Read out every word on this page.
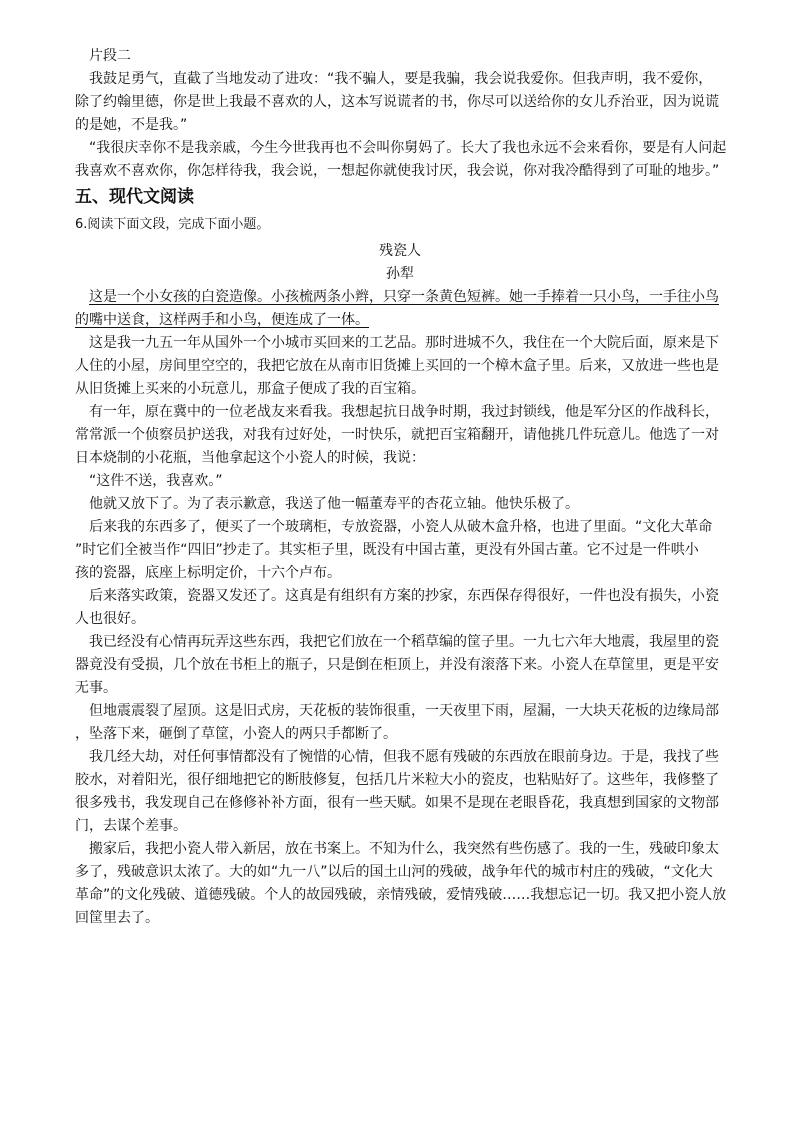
片段二
我鼓足勇气，直截了当地发动了进攻：“我不骗人，要是我骗，我会说我爱你。但我声明，我不爱你，
除了约翰里德，你是世上我最不喜欢的人，这本写说谎者的书，你尽可以送给你的女儿乔治亚，因为说谎
的是她，不是我。”
“我很庆幸你不是我亲戚，今生今世我再也不会叫你舅妈了。长大了我也永远不会来看你，要是有人问起
我喜欢不喜欢你，你怎样待我，我会说，一想起你就使我讨厌，我会说，你对我冷酷得到了可耻的地步。”
五、现代文阅读
6.阅读下面文段，完成下面小题。
残瓷人
孙犁
这是一个小女孩的白瓷造像。小孩梳两条小辫，只穿一条黄色短裤。她一手捧着一只小鸟，一手往小鸟
的嘴中送食，这样两手和小鸟，便连成了一体。
这是我一九五一年从国外一个小城市买回来的工艺品。那时进城不久，我住在一个大院后面，原来是下
人住的小屋，房间里空空的，我把它放在从南市旧货摊上买回的一个樟木盒子里。后来，又放进一些也是
从旧货摊上买来的小玩意儿，那盒子便成了我的百宝箱。
有一年，原在冀中的一位老战友来看我。我想起抗日战争时期，我过封锁线，他是军分区的作战科长，
常常派一个侦察员护送我，对我有过好处，一时快乐，就把百宝箱翻开，请他挑几件玩意儿。他选了一对
日本烧制的小花瓶，当他拿起这个小瓷人的时候，我说：
“这件不送，我喜欢。”
他就又放下了。为了表示歉意，我送了他一幅董寿平的杏花立轴。他快乐极了。
后来我的东西多了，便买了一个玻璃柜，专放瓷器，小瓷人从破木盒升格，也进了里面。“文化大革命
”时它们全被当作“四旧”抄走了。其实柜子里，既没有中国古董，更没有外国古董。它不过是一件哄小
孩的瓷器，底座上标明定价，十六个卢布。
后来落实政策，瓷器又发还了。这真是有组织有方案的抄家，东西保存得很好，一件也没有损失，小瓷
人也很好。
我已经没有心情再玩弄这些东西，我把它们放在一个稻草编的筐子里。一九七六年大地震，我屋里的瓷
器竟没有受损，几个放在书柜上的瓶子，只是倒在柜顶上，并没有滚落下来。小瓷人在草筐里，更是平安
无事。
但地震震裂了屋顶。这是旧式房，天花板的装饰很重，一天夜里下雨，屋漏，一大块天花板的边缘局部
，坠落下来，砸倒了草筐，小瓷人的两只手都断了。
我几经大劫，对任何事情都没有了惋惜的心情，但我不愿有残破的东西放在眼前身边。于是，我找了些
胶水，对着阳光，很仔细地把它的断肢修复，包括几片米粒大小的瓷皮，也粘贴好了。这些年，我修整了
很多残书，我发现自己在修修补补方面，很有一些天赋。如果不是现在老眼昏花，我真想到国家的文物部
门，去谋个差事。
搬家后，我把小瓷人带入新居，放在书案上。不知为什么，我突然有些伤感了。我的一生，残破印象太
多了，残破意识太浓了。大的如“九一八”以后的国土山河的残破，战争年代的城市村庄的残破，“文化大
革命”的文化残破、道德残破。个人的故园残破，亲情残破，爱情残破……我想忘记一切。我又把小瓷人放
回筐里去了。
